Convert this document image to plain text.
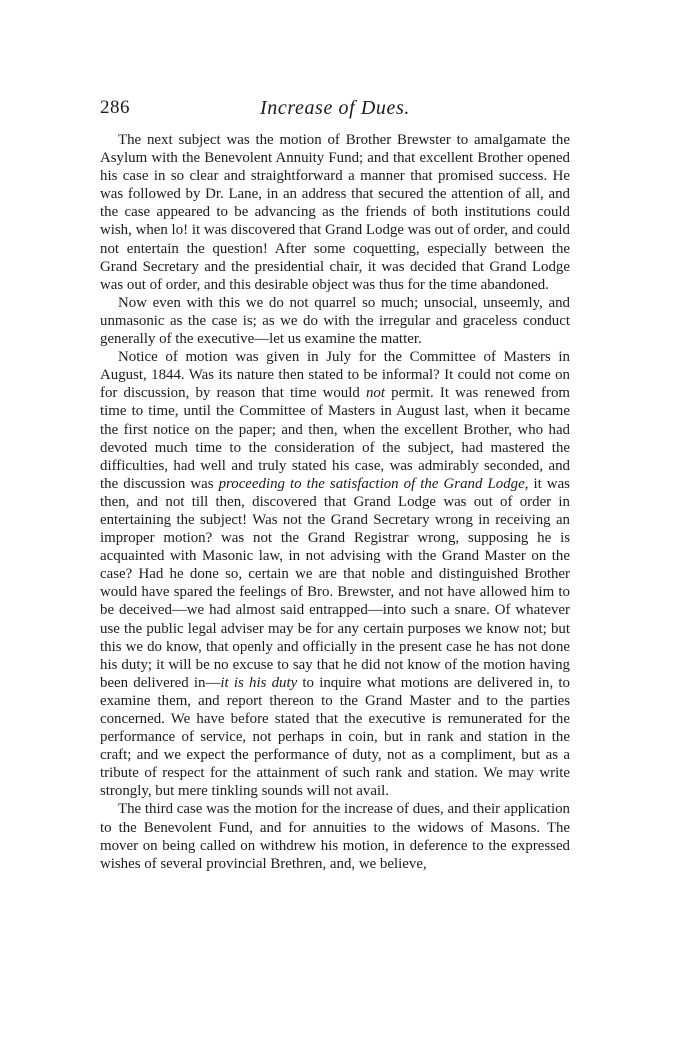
286	Increase of Dues.

The next subject was the motion of Brother Brewster to amalgamate the Asylum with the Benevolent Annuity Fund; and that excellent Brother opened his case in so clear and straightforward a manner that promised success. He was followed by Dr. Lane, in an address that secured the attention of all, and the case appeared to be advancing as the friends of both institutions could wish, when lo! it was discovered that Grand Lodge was out of order, and could not entertain the question! After some coquetting, especially between the Grand Secretary and the presidential chair, it was decided that Grand Lodge was out of order, and this desirable object was thus for the time abandoned.

Now even with this we do not quarrel so much; unsocial, unseemly, and unmasonic as the case is; as we do with the irregular and graceless conduct generally of the executive—let us examine the matter.

Notice of motion was given in July for the Committee of Masters in August, 1844. Was its nature then stated to be informal? It could not come on for discussion, by reason that time would not permit. It was renewed from time to time, until the Committee of Masters in August last, when it became the first notice on the paper; and then, when the excellent Brother, who had devoted much time to the consideration of the subject, had mastered the difficulties, had well and truly stated his case, was admirably seconded, and the discussion was proceeding to the satisfaction of the Grand Lodge, it was then, and not till then, discovered that Grand Lodge was out of order in entertaining the subject! Was not the Grand Secretary wrong in receiving an improper motion? was not the Grand Registrar wrong, supposing he is acquainted with Masonic law, in not advising with the Grand Master on the case? Had he done so, certain we are that noble and distinguished Brother would have spared the feelings of Bro. Brewster, and not have allowed him to be deceived—we had almost said entrapped—into such a snare. Of whatever use the public legal adviser may be for any certain purposes we know not; but this we do know, that openly and officially in the present case he has not done his duty; it will be no excuse to say that he did not know of the motion having been delivered in—it is his duty to inquire what motions are delivered in, to examine them, and report thereon to the Grand Master and to the parties concerned. We have before stated that the executive is remunerated for the performance of service, not perhaps in coin, but in rank and station in the craft; and we expect the performance of duty, not as a compliment, but as a tribute of respect for the attainment of such rank and station. We may write strongly, but mere tinkling sounds will not avail.

The third case was the motion for the increase of dues, and their application to the Benevolent Fund, and for annuities to the widows of Masons. The mover on being called on withdrew his motion, in deference to the expressed wishes of several provincial Brethren, and, we believe,
